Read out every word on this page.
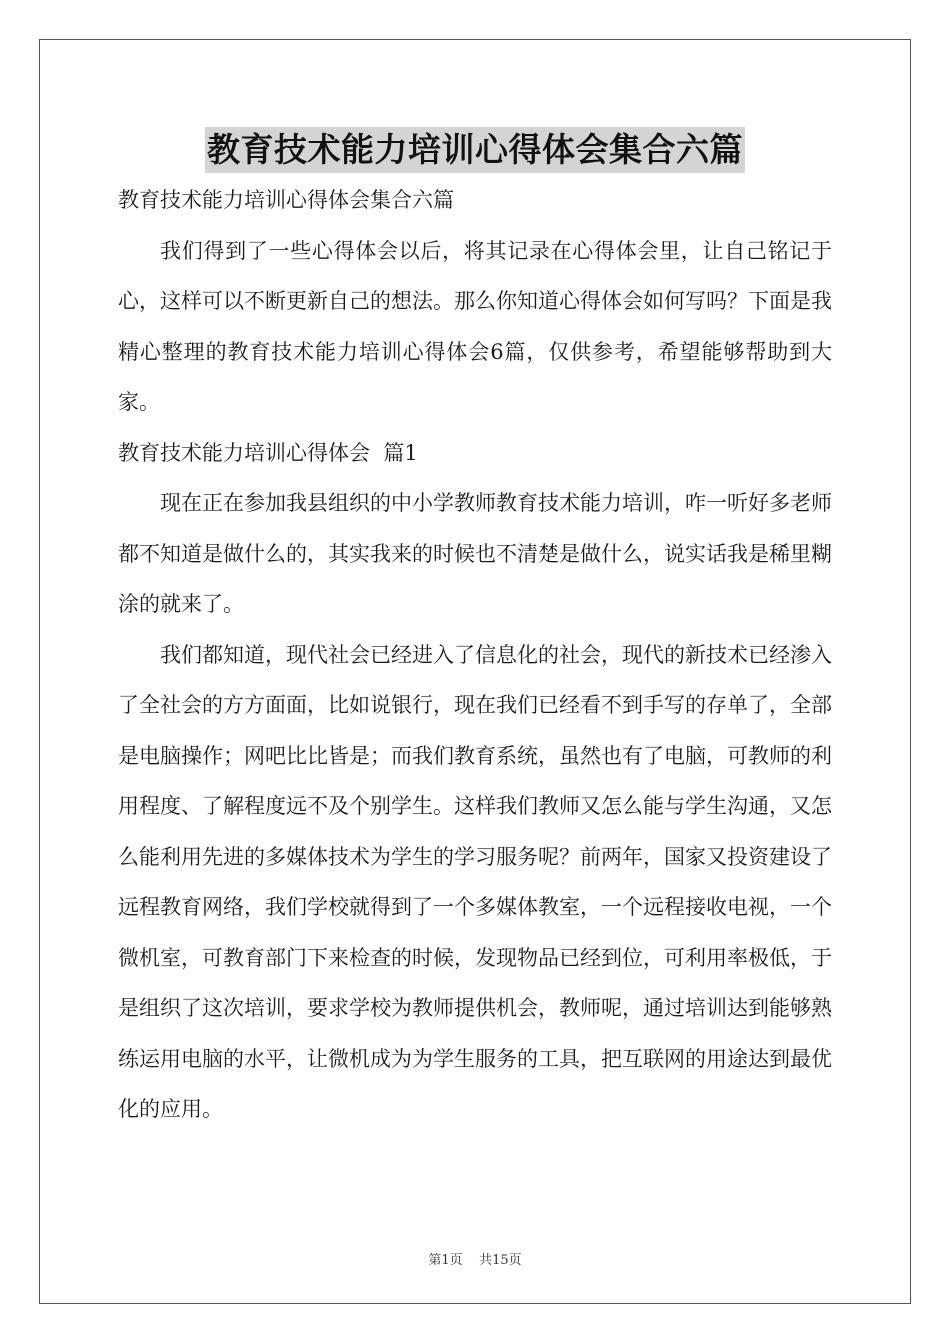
教育技术能力培训心得体会集合六篇

教育技术能力培训心得体会集合六篇

我们得到了一些心得体会以后，将其记录在心得体会里，让自己铭记于心，这样可以不断更新自己的想法。那么你知道心得体会如何写吗？下面是我精心整理的教育技术能力培训心得体会6篇，仅供参考，希望能够帮助到大家。

教育技术能力培训心得体会  篇1

现在正在参加我县组织的中小学教师教育技术能力培训，咋一听好多老师都不知道是做什么的，其实我来的时候也不清楚是做什么，说实话我是稀里糊涂的就来了。

我们都知道，现代社会已经进入了信息化的社会，现代的新技术已经渗入了全社会的方方面面，比如说银行，现在我们已经看不到手写的存单了，全部是电脑操作；网吧比比皆是；而我们教育系统，虽然也有了电脑，可教师的利用程度、了解程度远不及个别学生。这样我们教师又怎么能与学生沟通，又怎么能利用先进的多媒体技术为学生的学习服务呢？前两年，国家又投资建设了远程教育网络，我们学校就得到了一个多媒体教室，一个远程接收电视，一个微机室，可教育部门下来检查的时候，发现物品已经到位，可利用率极低，于是组织了这次培训，要求学校为教师提供机会，教师呢，通过培训达到能够熟练运用电脑的水平，让微机成为为学生服务的工具，把互联网的用途达到最优化的应用。

第1页    共15页
